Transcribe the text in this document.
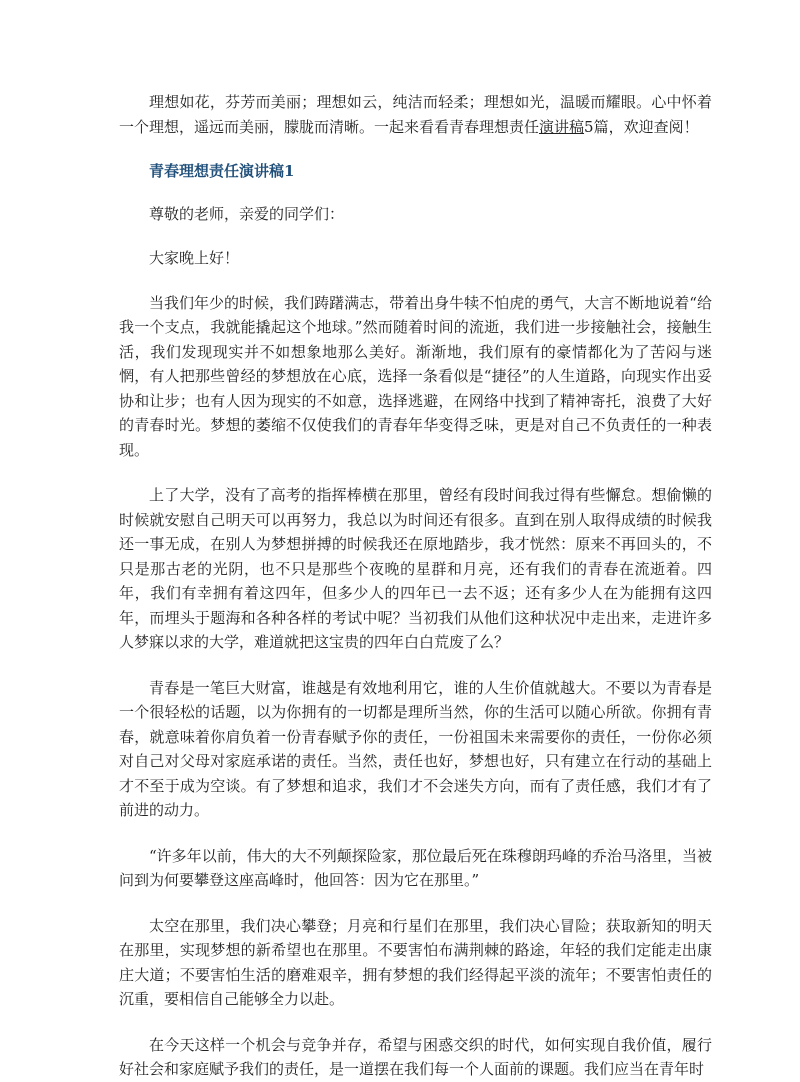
理想如花，芬芳而美丽；理想如云，纯洁而轻柔；理想如光，温暖而耀眼。心中怀着一个理想，遥远而美丽，朦胧而清晰。一起来看看青春理想责任演讲稿5篇，欢迎查阅！

青春理想责任演讲稿1

尊敬的老师，亲爱的同学们：

大家晚上好！

当我们年少的时候，我们踌躇满志，带着出身牛犊不怕虎的勇气，大言不断地说着“给我一个支点，我就能撬起这个地球。”然而随着时间的流逝，我们进一步接触社会，接触生活，我们发现现实并不如想象地那么美好。渐渐地，我们原有的豪情都化为了苦闷与迷惘，有人把那些曾经的梦想放在心底，选择一条看似是“捷径”的人生道路，向现实作出妥协和让步；也有人因为现实的不如意，选择逃避，在网络中找到了精神寄托，浪费了大好的青春时光。梦想的萎缩不仅使我们的青春年华变得乏味，更是对自己不负责任的一种表现。

上了大学，没有了高考的指挥棒横在那里，曾经有段时间我过得有些懈怠。想偷懒的时候就安慰自己明天可以再努力，我总以为时间还有很多。直到在别人取得成绩的时候我还一事无成，在别人为梦想拼搏的时候我还在原地踏步，我才恍然：原来不再回头的，不只是那古老的光阴，也不只是那些个夜晚的星群和月亮，还有我们的青春在流逝着。四年，我们有幸拥有着这四年，但多少人的四年已一去不返；还有多少人在为能拥有这四年，而埋头于题海和各种各样的考试中呢？当初我们从他们这种状况中走出来，走进许多人梦寐以求的大学，难道就把这宝贵的四年白白荒废了么？

青春是一笔巨大财富，谁越是有效地利用它，谁的人生价值就越大。不要以为青春是一个很轻松的话题，以为你拥有的一切都是理所当然，你的生活可以随心所欲。你拥有青春，就意味着你肩负着一份青春赋予你的责任，一份祖国未来需要你的责任，一份你必须对自己对父母对家庭承诺的责任。当然，责任也好，梦想也好，只有建立在行动的基础上才不至于成为空谈。有了梦想和追求，我们才不会迷失方向，而有了责任感，我们才有了前进的动力。

“许多年以前，伟大的大不列颠探险家，那位最后死在珠穆朗玛峰的乔治马洛里，当被问到为何要攀登这座高峰时，他回答：因为它在那里。”

太空在那里，我们决心攀登；月亮和行星们在那里，我们决心冒险；获取新知的明天在那里，实现梦想的新希望也在那里。不要害怕布满荆棘的路途，年轻的我们定能走出康庄大道；不要害怕生活的磨难艰辛，拥有梦想的我们经得起平淡的流年；不要害怕责任的沉重，要相信自己能够全力以赴。

在今天这样一个机会与竞争并存，希望与困惑交织的时代，如何实现自我价值，履行好社会和家庭赋予我们的责任，是一道摆在我们每一个人面前的课题。我们应当在青年时
